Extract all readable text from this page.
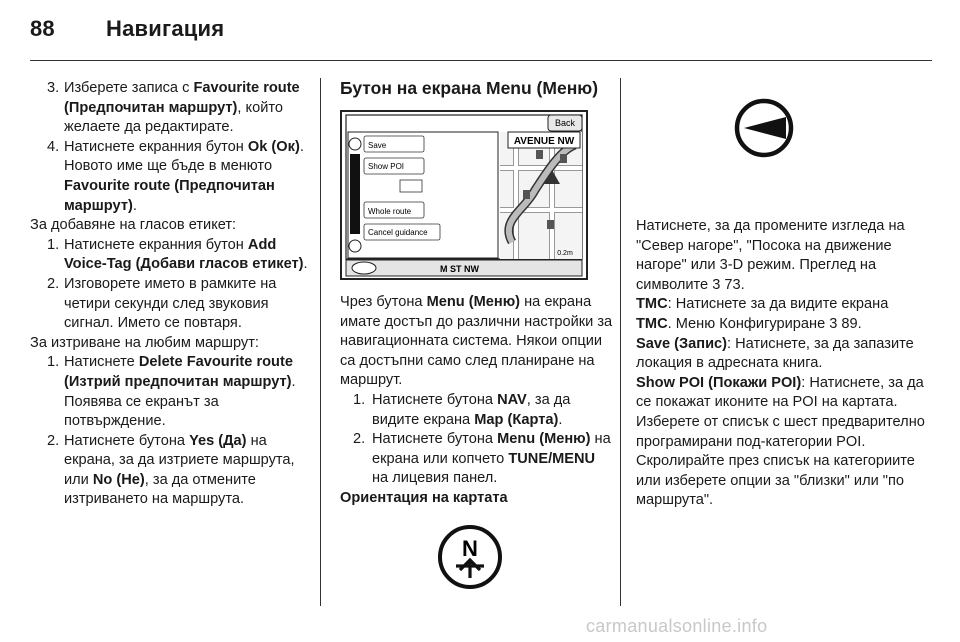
88 Навигация

3. Изберете записа с Favourite route (Предпочитан маршрут), който желаете да редактирате.

4. Натиснете екранния бутон Ok (Ок). Новото име ще бъде в менюто Favourite route (Предпочитан маршрут).

За добавяне на гласов етикет:

1. Натиснете екранния бутон Add Voice-Tag (Добави гласов етикет).

2. Изговорете името в рамките на четири секунди след звуковия сигнал. Името се повтаря.

За изтриване на любим маршрут:

1. Натиснете Delete Favourite route (Изтрий предпочитан маршрут). Появява се екранът за потвърждение.

2. Натиснете бутона Yes (Да) на екрана, за да изтриете маршрута, или No (Не), за да отмените изтриването на маршрута.

Бутон на екрана Menu (Меню)
AVENUE NW
Back
Save
Show POI
Whole route
Cancel guidance
0.2m
M ST NW

Чрез бутона Menu (Меню) на екрана имате достъп до различни настройки за навигационната система. Някои опции са достъпни само след планиране на маршрут.

1. Натиснете бутона NAV, за да видите екрана Map (Карта).

2. Натиснете бутона Menu (Меню) на екрана или копчето TUNE/MENU на лицевия панел.

Ориентация на картата

N

Натиснете, за да промените изгледа на "Север нагоре", "Посока на движение нагоре" или 3-D режим. Преглед на символите 3 73.

TMC: Натиснете за да видите екрана TMC. Меню Конфигуриране 3 89.

Save (Запис): Натиснете, за да запазите локация в адресната книга.

Show POI (Покажи POI): Натиснете, за да се покажат иконите на POI на картата. Изберете от списък с шест предварително програмирани под-категории POI. Скролирайте през списък на категориите или изберете опции за "близки" или "по маршрута".

carmanualsonline.info
